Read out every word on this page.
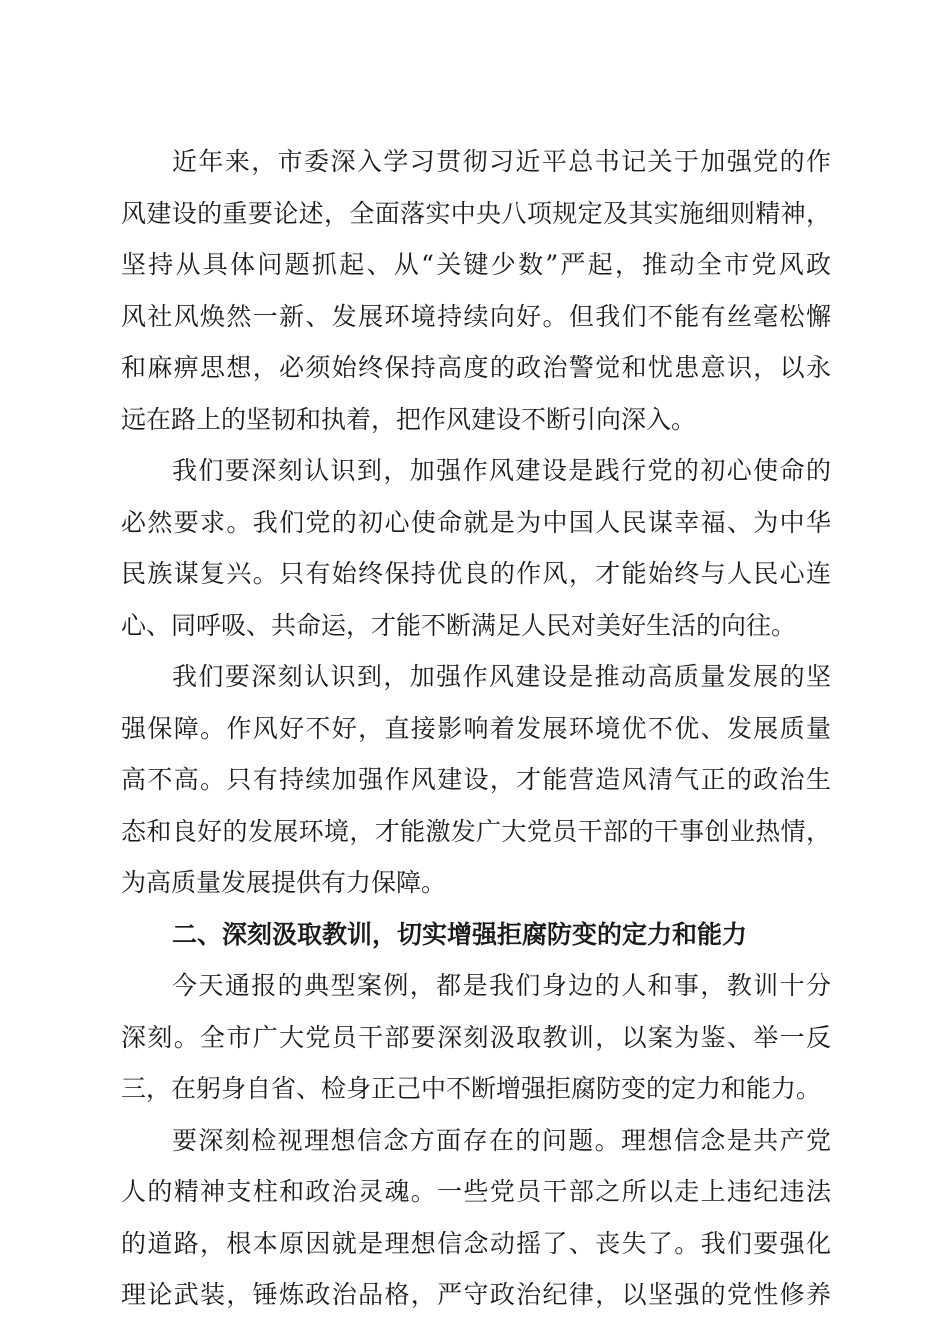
近年来，市委深入学习贯彻习近平总书记关于加强党的作
风建设的重要论述，全面落实中央八项规定及其实施细则精神，
坚持从具体问题抓起、从“关键少数”严起，推动全市党风政
风社风焕然一新、发展环境持续向好。但我们不能有丝毫松懈
和麻痹思想，必须始终保持高度的政治警觉和忧患意识，以永
远在路上的坚韧和执着，把作风建设不断引向深入。
我们要深刻认识到，加强作风建设是践行党的初心使命的
必然要求。我们党的初心使命就是为中国人民谋幸福、为中华
民族谋复兴。只有始终保持优良的作风，才能始终与人民心连
心、同呼吸、共命运，才能不断满足人民对美好生活的向往。
我们要深刻认识到，加强作风建设是推动高质量发展的坚
强保障。作风好不好，直接影响着发展环境优不优、发展质量
高不高。只有持续加强作风建设，才能营造风清气正的政治生
态和良好的发展环境，才能激发广大党员干部的干事创业热情，
为高质量发展提供有力保障。
二、深刻汲取教训，切实增强拒腐防变的定力和能力
今天通报的典型案例，都是我们身边的人和事，教训十分
深刻。全市广大党员干部要深刻汲取教训，以案为鉴、举一反
三，在躬身自省、检身正己中不断增强拒腐防变的定力和能力。
要深刻检视理想信念方面存在的问题。理想信念是共产党
人的精神支柱和政治灵魂。一些党员干部之所以走上违纪违法
的道路，根本原因就是理想信念动摇了、丧失了。我们要强化
理论武装，锤炼政治品格，严守政治纪律，以坚强的党性修养
